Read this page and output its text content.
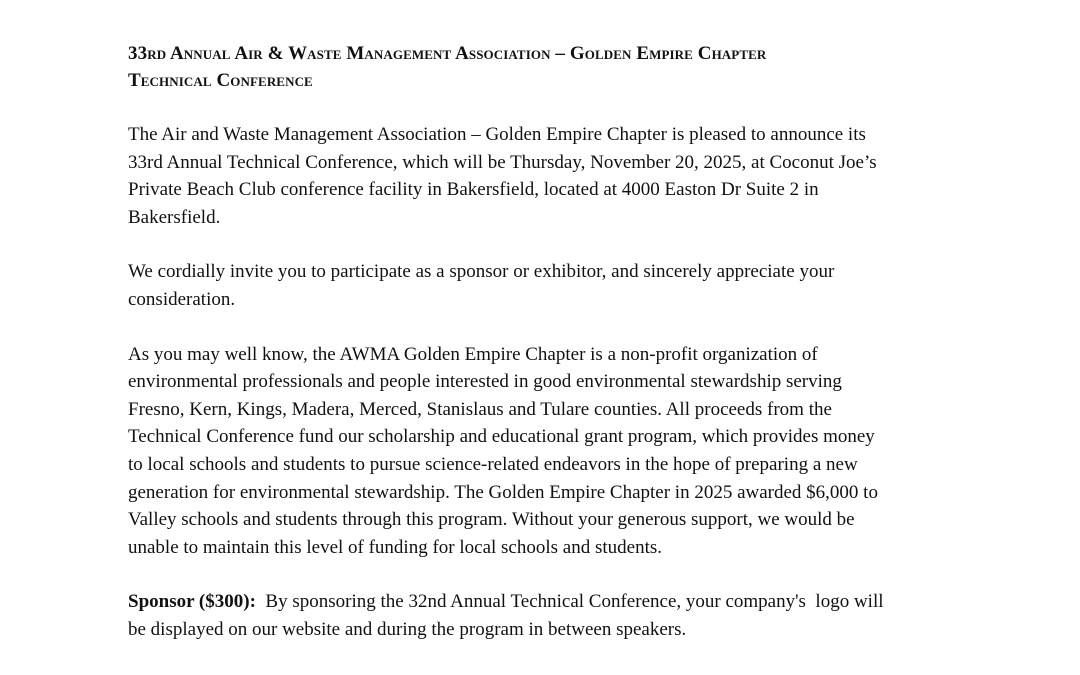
33rd Annual Air & Waste Management Association – Golden Empire Chapter
Technical Conference

The Air and Waste Management Association – Golden Empire Chapter is pleased to announce its
33rd Annual Technical Conference, which will be Thursday, November 20, 2025, at Coconut Joe’s
Private Beach Club conference facility in Bakersfield, located at 4000 Easton Dr Suite 2 in
Bakersfield.

We cordially invite you to participate as a sponsor or exhibitor, and sincerely appreciate your
consideration.

As you may well know, the AWMA Golden Empire Chapter is a non-profit organization of
environmental professionals and people interested in good environmental stewardship serving
Fresno, Kern, Kings, Madera, Merced, Stanislaus and Tulare counties. All proceeds from the
Technical Conference fund our scholarship and educational grant program, which provides money
to local schools and students to pursue science-related endeavors in the hope of preparing a new
generation for environmental stewardship. The Golden Empire Chapter in 2025 awarded $6,000 to
Valley schools and students through this program. Without your generous support, we would be
unable to maintain this level of funding for local schools and students.

Sponsor ($300):  By sponsoring the 32nd Annual Technical Conference, your company's  logo will
be displayed on our website and during the program in between speakers.
